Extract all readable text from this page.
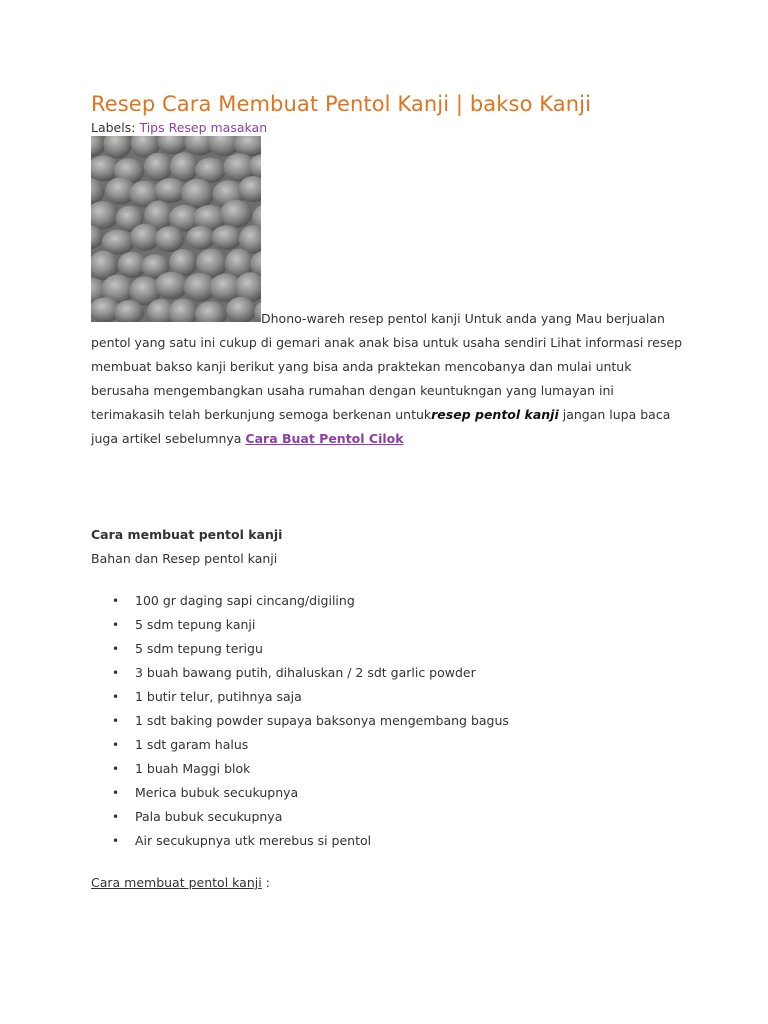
Resep Cara Membuat Pentol Kanji | bakso Kanji
Labels: Tips Resep masakan
Dhono-wareh resep pentol kanji Untuk anda yang Mau berjualan pentol yang satu ini cukup di gemari anak anak bisa untuk usaha sendiri Lihat informasi resep membuat bakso kanji berikut yang bisa anda praktekan mencobanya dan mulai untuk berusaha mengembangkan usaha rumahan dengan keuntukngan yang lumayan ini terimakasih telah berkunjung semoga berkenan untukresep pentol kanji jangan lupa baca juga artikel sebelumnya Cara Buat Pentol Cilok
Cara membuat pentol kanji
Bahan dan Resep pentol kanji
• 100 gr daging sapi cincang/digiling
• 5 sdm tepung kanji
• 5 sdm tepung terigu
• 3 buah bawang putih, dihaluskan / 2 sdt garlic powder
• 1 butir telur, putihnya saja
• 1 sdt baking powder supaya baksonya mengembang bagus
• 1 sdt garam halus
• 1 buah Maggi blok
• Merica bubuk secukupnya
• Pala bubuk secukupnya
• Air secukupnya utk merebus si pentol
Cara membuat pentol kanji :
